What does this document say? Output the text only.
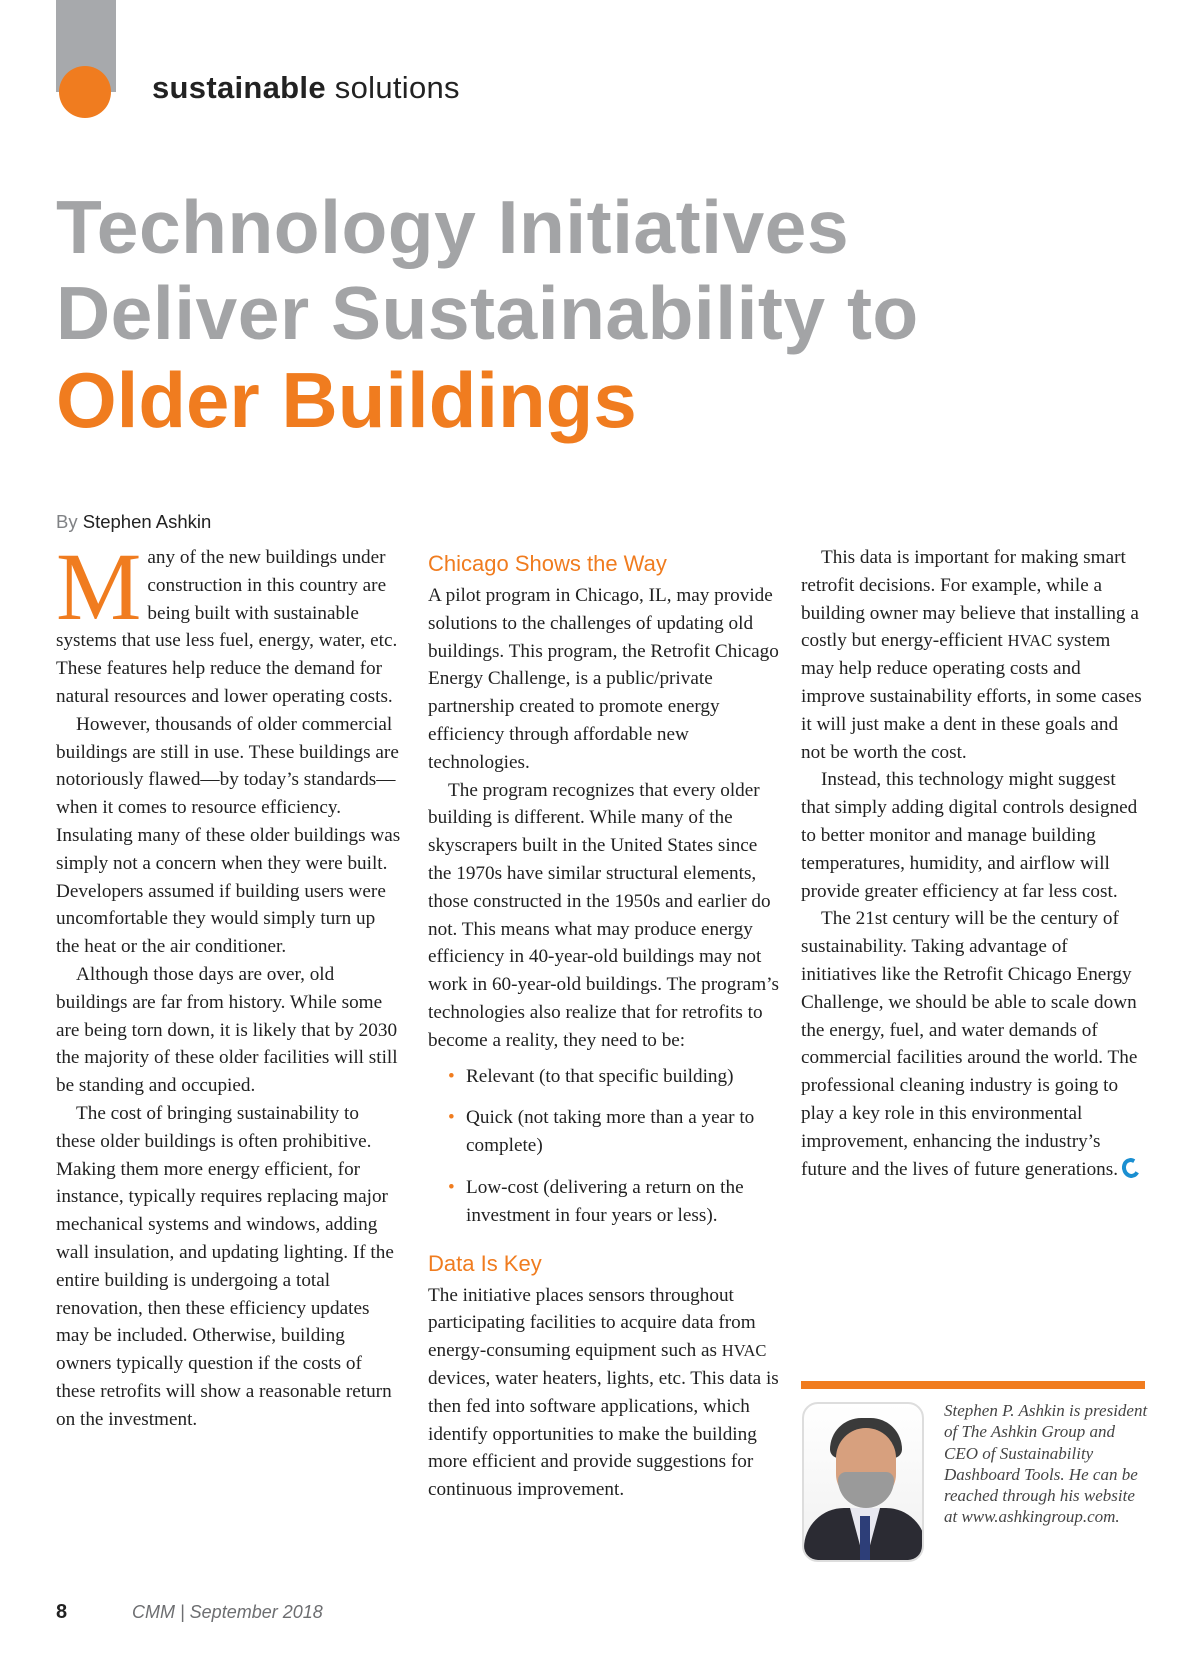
sustainable solutions
Technology Initiatives
Deliver Sustainability to
Older Buildings
By Stephen Ashkin

Many of the new buildings under construction in this country are being built with sustainable systems that use less fuel, energy, water, etc. These features help reduce the demand for natural resources and lower operating costs.

However, thousands of older commercial buildings are still in use. These buildings are notoriously flawed—by today’s standards—when it comes to resource efficiency. Insulating many of these older buildings was simply not a concern when they were built. Developers assumed if building users were uncomfortable they would simply turn up the heat or the air conditioner.

Although those days are over, old buildings are far from history. While some are being torn down, it is likely that by 2030 the majority of these older facilities will still be standing and occupied.

The cost of bringing sustainability to these older buildings is often prohibitive. Making them more energy efficient, for instance, typically requires replacing major mechanical systems and windows, adding wall insulation, and updating lighting. If the entire building is undergoing a total renovation, then these efficiency updates may be included. Otherwise, building owners typically question if the costs of these retrofits will show a reasonable return on the investment.

Chicago Shows the Way

A pilot program in Chicago, IL, may provide solutions to the challenges of updating old buildings. This program, the Retrofit Chicago Energy Challenge, is a public/private partnership created to promote energy efficiency through affordable new technologies.

The program recognizes that every older building is different. While many of the skyscrapers built in the United States since the 1970s have similar structural elements, those constructed in the 1950s and earlier do not. This means what may produce energy efficiency in 40-year-old buildings may not work in 60-year-old buildings. The program’s technologies also realize that for retrofits to become a reality, they need to be:

• Relevant (to that specific building)
• Quick (not taking more than a year to complete)
• Low-cost (delivering a return on the investment in four years or less).
Data Is Key

The initiative places sensors throughout participating facilities to acquire data from energy-consuming equipment such as HVAC devices, water heaters, lights, etc. This data is then fed into software applications, which identify opportunities to make the building more efficient and provide suggestions for continuous improvement.

This data is important for making smart retrofit decisions. For example, while a building owner may believe that installing a costly but energy-efficient HVAC system may help reduce operating costs and improve sustainability efforts, in some cases it will just make a dent in these goals and not be worth the cost.

Instead, this technology might suggest that simply adding digital controls designed to better monitor and manage building temperatures, humidity, and airflow will provide greater efficiency at far less cost.

The 21st century will be the century of sustainability. Taking advantage of initiatives like the Retrofit Chicago Energy Challenge, we should be able to scale down the energy, fuel, and water demands of commercial facilities around the world. The professional cleaning industry is going to play a key role in this environmental improvement, enhancing the industry’s future and the lives of future generations.

Stephen P. Ashkin is president of The Ashkin Group and CEO of Sustainability Dashboard Tools. He can be reached through his website at www.ashkingroup.com.
8	CMM | September 2018
